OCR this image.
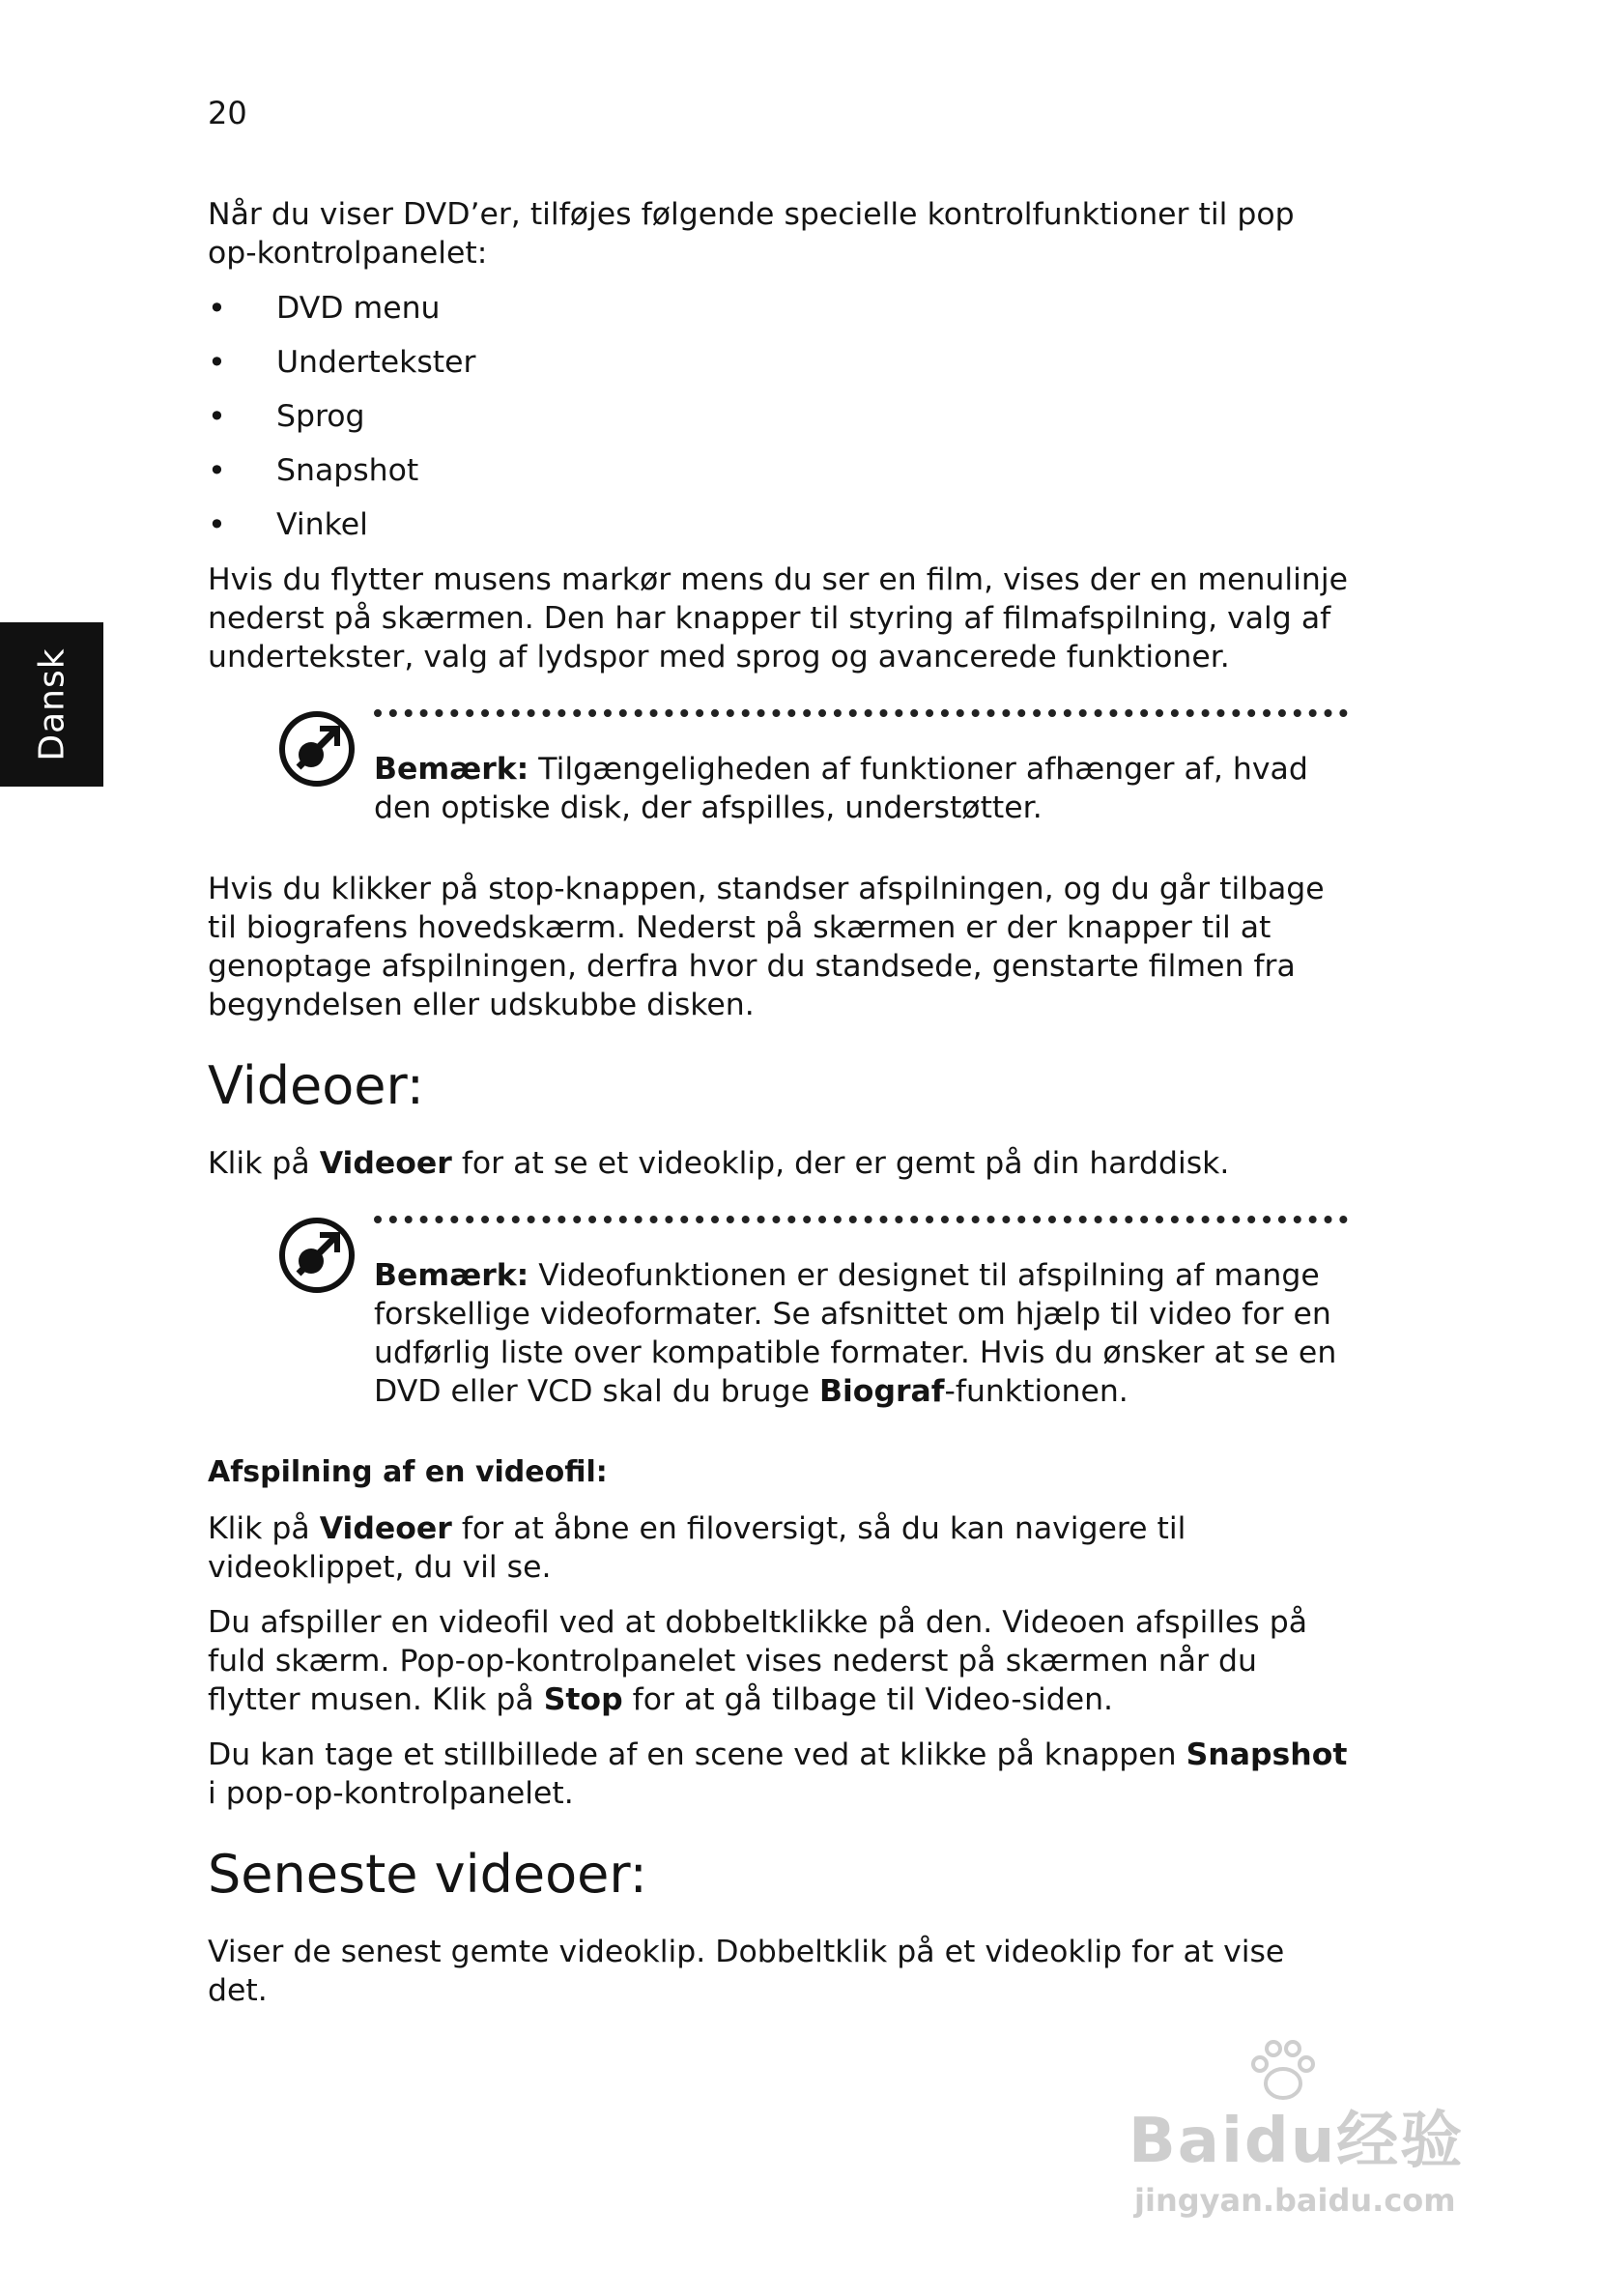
20
Dansk

Når du viser DVD’er, tilføjes følgende specielle kontrolfunktioner til pop op-kontrolpanelet:

• DVD menu
• Undertekster
• Sprog
• Snapshot
• Vinkel

Hvis du flytter musens markør mens du ser en film, vises der en menulinje nederst på skærmen. Den har knapper til styring af filmafspilning, valg af undertekster, valg af lydspor med sprog og avancerede funktioner.

Bemærk: Tilgængeligheden af funktioner afhænger af, hvad den optiske disk, der afspilles, understøtter.

Hvis du klikker på stop-knappen, standser afspilningen, og du går tilbage til biografens hovedskærm. Nederst på skærmen er der knapper til at genoptage afspilningen, derfra hvor du standsede, genstarte filmen fra begyndelsen eller udskubbe disken.

Videoer:

Klik på Videoer for at se et videoklip, der er gemt på din harddisk.

Bemærk: Videofunktionen er designet til afspilning af mange forskellige videoformater. Se afsnittet om hjælp til video for en udførlig liste over kompatible formater. Hvis du ønsker at se en DVD eller VCD skal du bruge Biograf-funktionen.

Afspilning af en videofil:

Klik på Videoer for at åbne en filoversigt, så du kan navigere til videoklippet, du vil se.

Du afspiller en videofil ved at dobbeltklikke på den. Videoen afspilles på fuld skærm. Pop-op-kontrolpanelet vises nederst på skærmen når du flytter musen. Klik på Stop for at gå tilbage til Video-siden.

Du kan tage et stillbillede af en scene ved at klikke på knappen Snapshot i pop-op-kontrolpanelet.

Seneste videoer:

Viser de senest gemte videoklip. Dobbeltklik på et videoklip for at vise det.

Baidu经验
jingyan.baidu.com
